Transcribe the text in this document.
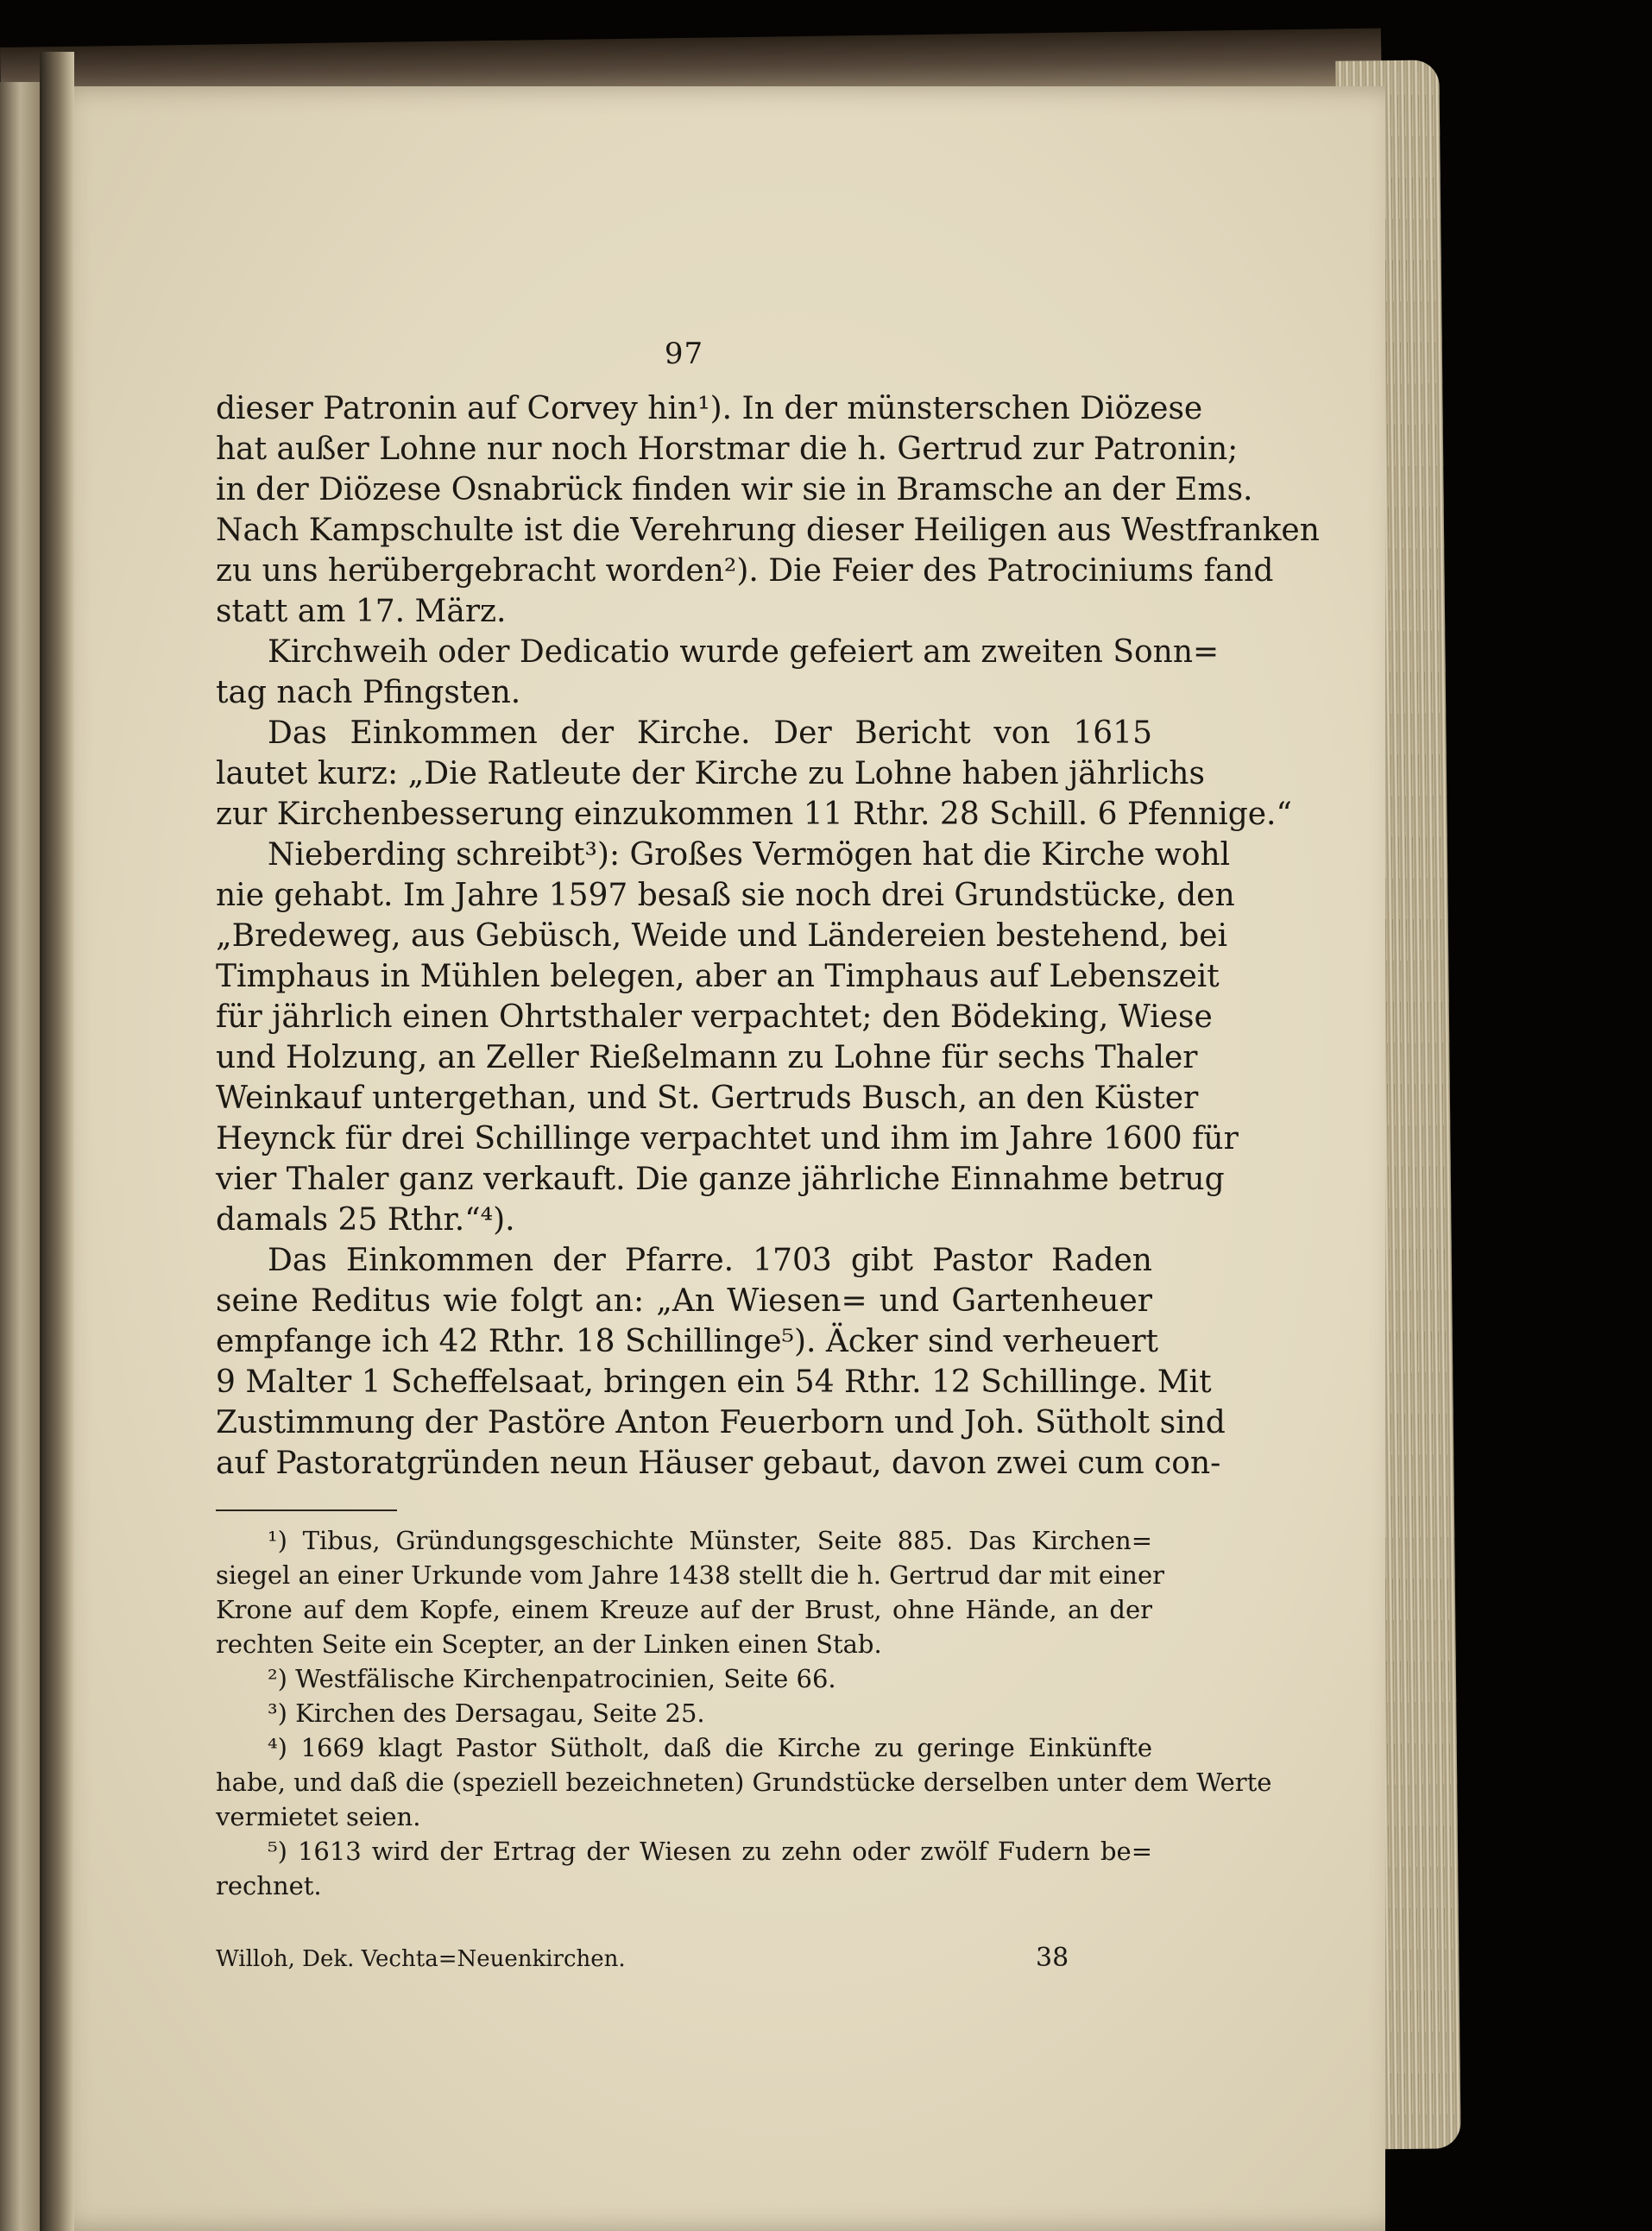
97
dieser Patronin auf Corvey hin¹). In der münsterschen Diözese
hat außer Lohne nur noch Horstmar die h. Gertrud zur Patronin;
in der Diözese Osnabrück finden wir sie in Bramsche an der Ems.
Nach Kampschulte ist die Verehrung dieser Heiligen aus Westfranken
zu uns herübergebracht worden²). Die Feier des Patrociniums fand
statt am 17. März.
Kirchweih oder Dedicatio wurde gefeiert am zweiten Sonn=
tag nach Pfingsten.
Das Einkommen der Kirche. Der Bericht von 1615
lautet kurz: „Die Ratleute der Kirche zu Lohne haben jährlichs
zur Kirchenbesserung einzukommen 11 Rthr. 28 Schill. 6 Pfennige.“
Nieberding schreibt³): Großes Vermögen hat die Kirche wohl
nie gehabt. Im Jahre 1597 besaß sie noch drei Grundstücke, den
„Bredeweg, aus Gebüsch, Weide und Ländereien bestehend, bei
Timphaus in Mühlen belegen, aber an Timphaus auf Lebenszeit
für jährlich einen Ohrtsthaler verpachtet; den Bödeking, Wiese
und Holzung, an Zeller Rießelmann zu Lohne für sechs Thaler
Weinkauf untergethan, und St. Gertruds Busch, an den Küster
Heynck für drei Schillinge verpachtet und ihm im Jahre 1600 für
vier Thaler ganz verkauft. Die ganze jährliche Einnahme betrug
damals 25 Rthr.“⁴).
Das Einkommen der Pfarre. 1703 gibt Pastor Raden
seine Reditus wie folgt an: „An Wiesen= und Gartenheuer
empfange ich 42 Rthr. 18 Schillinge⁵). Äcker sind verheuert
9 Malter 1 Scheffelsaat, bringen ein 54 Rthr. 12 Schillinge. Mit
Zustimmung der Pastöre Anton Feuerborn und Joh. Sütholt sind
auf Pastoratgründen neun Häuser gebaut, davon zwei cum con-
¹) Tibus, Gründungsgeschichte Münster, Seite 885. Das Kirchen=
siegel an einer Urkunde vom Jahre 1438 stellt die h. Gertrud dar mit einer
Krone auf dem Kopfe, einem Kreuze auf der Brust, ohne Hände, an der
rechten Seite ein Scepter, an der Linken einen Stab.
²) Westfälische Kirchenpatrocinien, Seite 66.
³) Kirchen des Dersagau, Seite 25.
⁴) 1669 klagt Pastor Sütholt, daß die Kirche zu geringe Einkünfte
habe, und daß die (speziell bezeichneten) Grundstücke derselben unter dem Werte
vermietet seien.
⁵) 1613 wird der Ertrag der Wiesen zu zehn oder zwölf Fudern be=
rechnet.
Willoh, Dek. Vechta=Neuenkirchen.	38
